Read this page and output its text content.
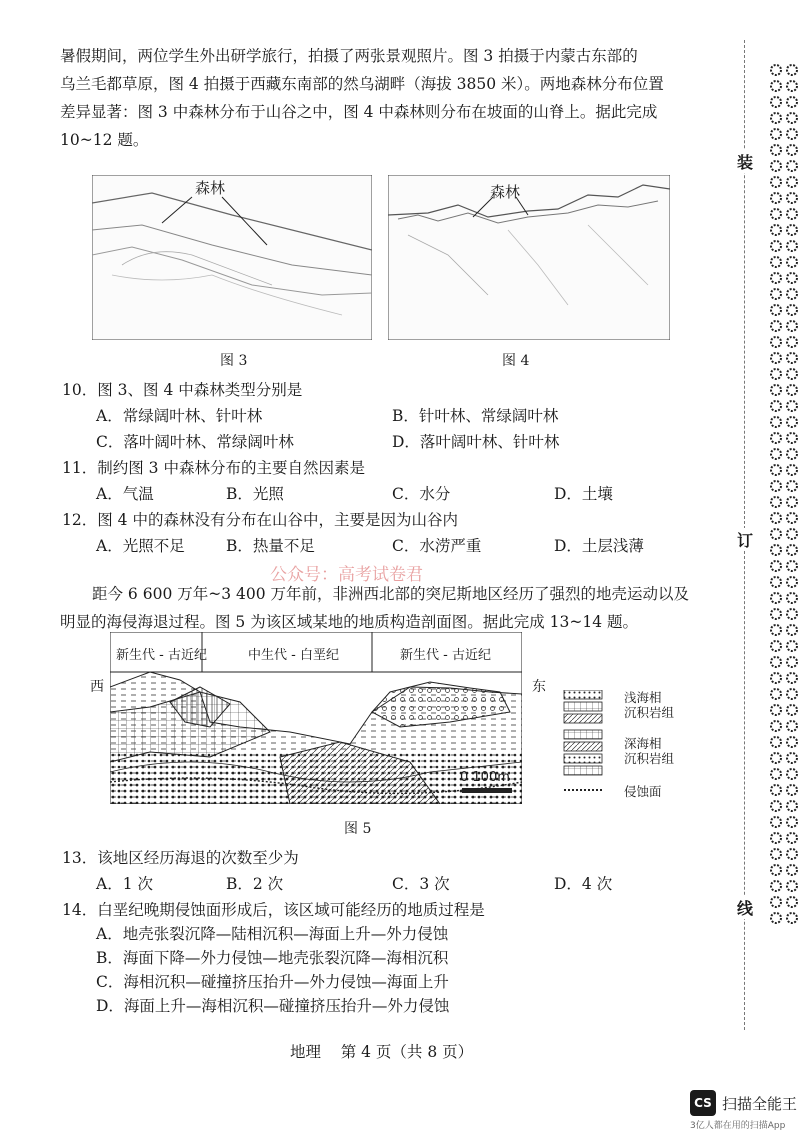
暑假期间，两位学生外出研学旅行，拍摄了两张景观照片。图 3 拍摄于内蒙古东部的
乌兰毛都草原，图 4 拍摄于西藏东南部的然乌湖畔（海拔 3850 米）。两地森林分布位置
差异显著：图 3 中森林分布于山谷之中，图 4 中森林则分布在坡面的山脊上。据此完成
10~12 题。
森林
图 3
森林
图 4
10．图 3、图 4 中森林类型分别是
A．常绿阔叶林、针叶林	B．针叶林、常绿阔叶林
C．落叶阔叶林、常绿阔叶林	D．落叶阔叶林、针叶林
11．制约图 3 中森林分布的主要自然因素是
A．气温	B．光照	C．水分	D．土壤
12．图 4 中的森林没有分布在山谷中，主要是因为山谷内
A．光照不足	B．热量不足	C．水涝严重	D．土层浅薄
公众号：高考试卷君
距今 6 600 万年~3 400 万年前，非洲西北部的突尼斯地区经历了强烈的地壳运动以及
明显的海侵海退过程。图 5 为该区域某地的地质构造剖面图。据此完成 13~14 题。
新生代 - 古近纪	中生代 - 白垩纪	新生代 - 古近纪
0 100m
西	东
浅海相
沉积岩组
深海相
沉积岩组
侵蚀面
图 5
13．该地区经历海退的次数至少为
A．1 次	B．2 次	C．3 次	D．4 次
14．白垩纪晚期侵蚀面形成后，该区域可能经历的地质过程是
A．地壳张裂沉降—陆相沉积—海面上升—外力侵蚀
B．海面下降—外力侵蚀—地壳张裂沉降—海相沉积
C．海相沉积—碰撞挤压抬升—外力侵蚀—海面上升
D．海面上升—海相沉积—碰撞挤压抬升—外力侵蚀
地理    第 4 页（共 8 页）
装
订
线
CS 扫描全能王
3亿人都在用的扫描App
